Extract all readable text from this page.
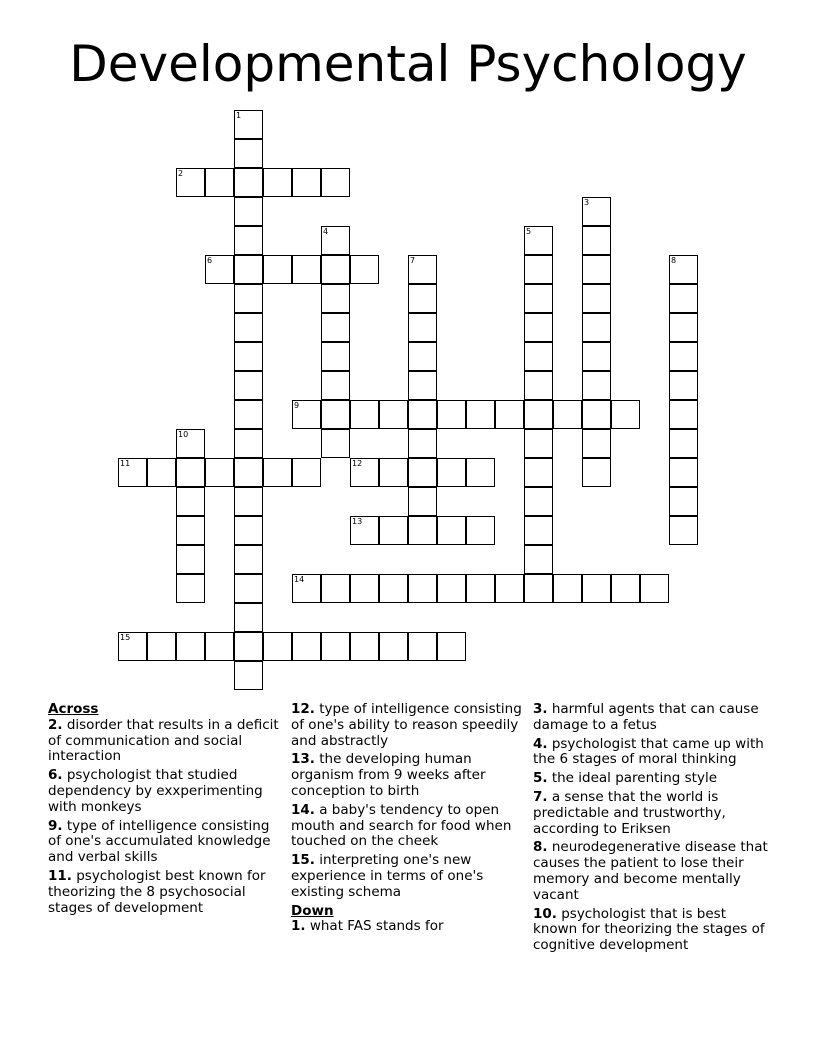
Developmental Psychology
1
2
3
4	5
6	7	8
9
10
11	12
13
14
15
Across
2. disorder that results in a deficit of communication and social interaction
6. psychologist that studied dependency by exxperimenting with monkeys
9. type of intelligence consisting of one's accumulated knowledge and verbal skills
11. psychologist best known for theorizing the 8 psychosocial stages of development
12. type of intelligence consisting of one's ability to reason speedily and abstractly
13. the developing human organism from 9 weeks after conception to birth
14. a baby's tendency to open mouth and search for food when touched on the cheek
15. interpreting one's new experience in terms of one's existing schema
Down
1. what FAS stands for
3. harmful agents that can cause damage to a fetus
4. psychologist that came up with the 6 stages of moral thinking
5. the ideal parenting style
7. a sense that the world is predictable and trustworthy, according to Eriksen
8. neurodegenerative disease that causes the patient to lose their memory and become mentally vacant
10. psychologist that is best known for theorizing the stages of cognitive development
